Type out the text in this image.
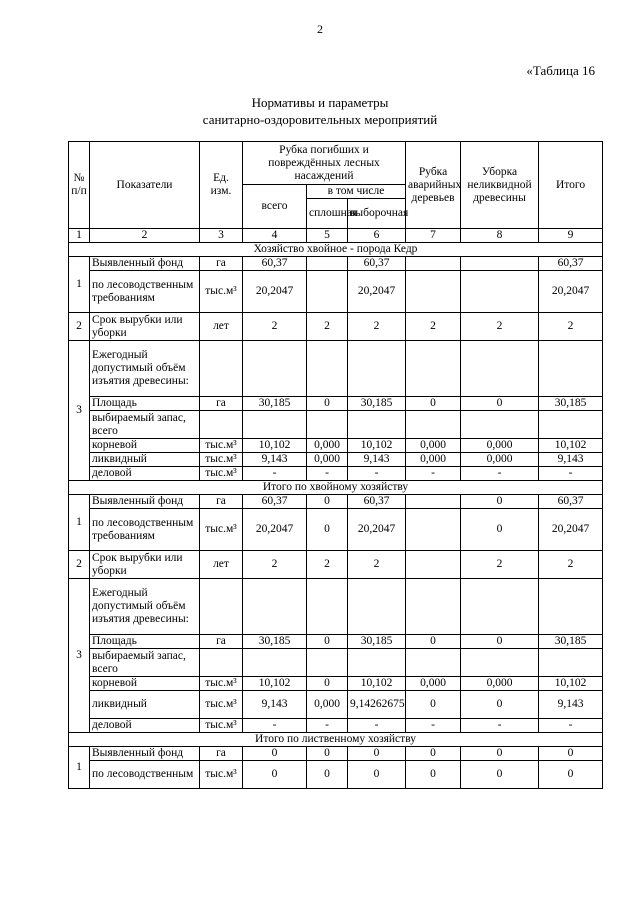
2
«Таблица 16
Нормативы и параметры
санитарно-оздоровительных мероприятий
№ п/п	Показатели	Ед. изм.	Рубка погибших и повреждённых лесных насаждений			Рубка аварийных деревьев	Уборка неликвидной древесины	Итого
			всего	в том числе				
				сплошная	выборочная			
1	2	3	4	5	6	7	8	9
Хозяйство хвойное - порода Кедр								
1	Выявленный фонд	га	60,37		60,37			60,37
	по лесоводственным требованиям	тыс.м³	20,2047		20,2047			20,2047
2	Срок вырубки или уборки	лет	2	2	2	2	2	2
3	Ежегодный допустимый объём изъятия древесины:							
	Площадь	га	30,185	0	30,185	0	0	30,185
	выбираемый запас, всего							
	корневой	тыс.м³	10,102	0,000	10,102	0,000	0,000	10,102
	ликвидный	тыс.м³	9,143	0,000	9,143	0,000	0,000	9,143
	деловой	тыс.м³	-	-	-	-	-	-
Итого по хвойному хозяйству								
1	Выявленный фонд	га	60,37	0	60,37		0	60,37
	по лесоводственным требованиям	тыс.м³	20,2047	0	20,2047		0	20,2047
2	Срок вырубки или уборки	лет	2	2	2		2	2
3	Ежегодный допустимый объём изъятия древесины:							
	Площадь	га	30,185	0	30,185	0	0	30,185
	выбираемый запас, всего							
	корневой	тыс.м³	10,102	0	10,102	0,000	0,000	10,102
	ликвидный	тыс.м³	9,143	0,000	9,14262675	0	0	9,143
	деловой	тыс.м³	-	-	-	-	-	-
Итого по лиственному хозяйству								
1	Выявленный фонд	га	0	0	0	0	0	0
	по лесоводственным	тыс.м³	0	0	0	0	0	0
